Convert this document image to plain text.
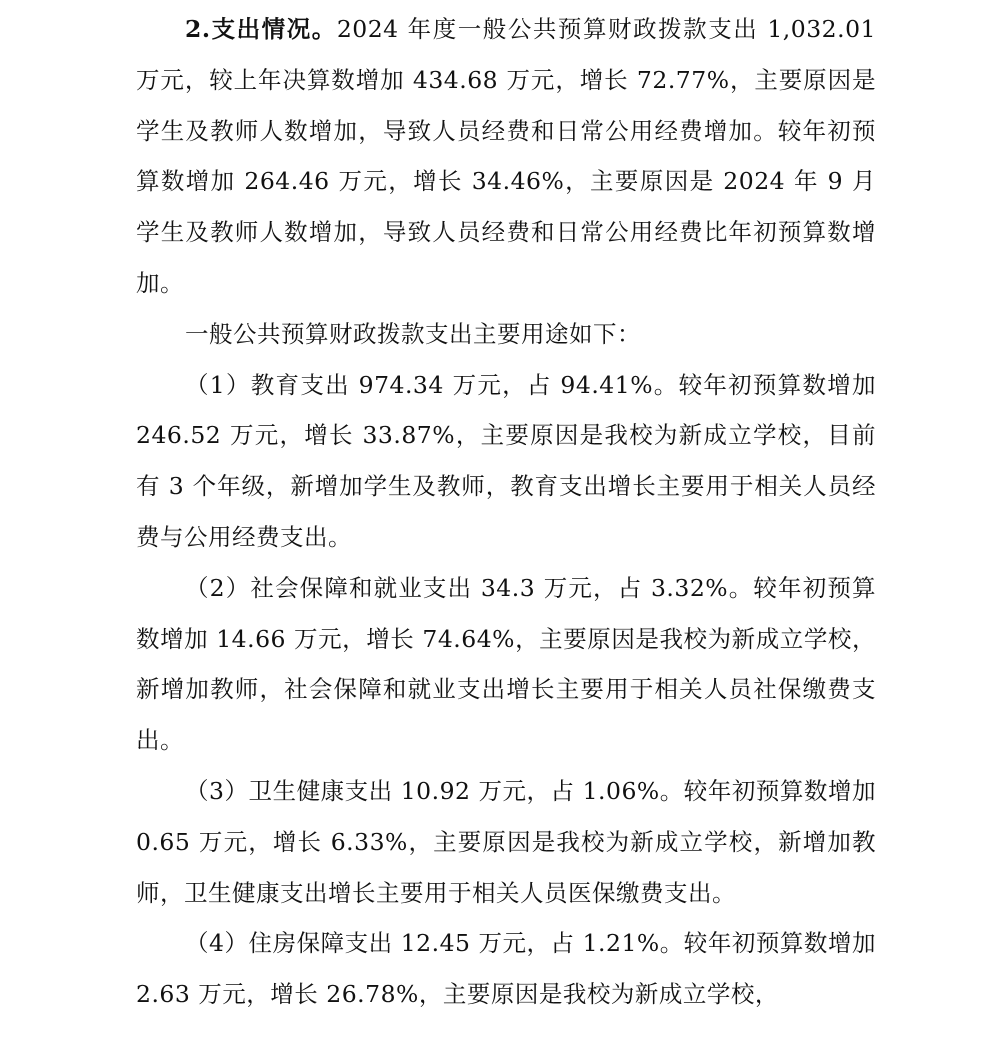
2.支出情况。2024 年度一般公共预算财政拨款支出 1,032.01 万元，较上年决算数增加 434.68 万元，增长 72.77%，主要原因是学生及教师人数增加，导致人员经费和日常公用经费增加。较年初预算数增加 264.46 万元，增长 34.46%，主要原因是 2024 年 9 月学生及教师人数增加，导致人员经费和日常公用经费比年初预算数增加。

一般公共预算财政拨款支出主要用途如下：

（1）教育支出 974.34 万元，占 94.41%。较年初预算数增加 246.52 万元，增长 33.87%，主要原因是我校为新成立学校，目前有 3 个年级，新增加学生及教师，教育支出增长主要用于相关人员经费与公用经费支出。

（2）社会保障和就业支出 34.3 万元，占 3.32%。较年初预算数增加 14.66 万元，增长 74.64%，主要原因是我校为新成立学校，新增加教师，社会保障和就业支出增长主要用于相关人员社保缴费支出。

（3）卫生健康支出 10.92 万元，占 1.06%。较年初预算数增加 0.65 万元，增长 6.33%，主要原因是我校为新成立学校，新增加教师，卫生健康支出增长主要用于相关人员医保缴费支出。

（4）住房保障支出 12.45 万元，占 1.21%。较年初预算数增加 2.63 万元，增长 26.78%，主要原因是我校为新成立学校，
